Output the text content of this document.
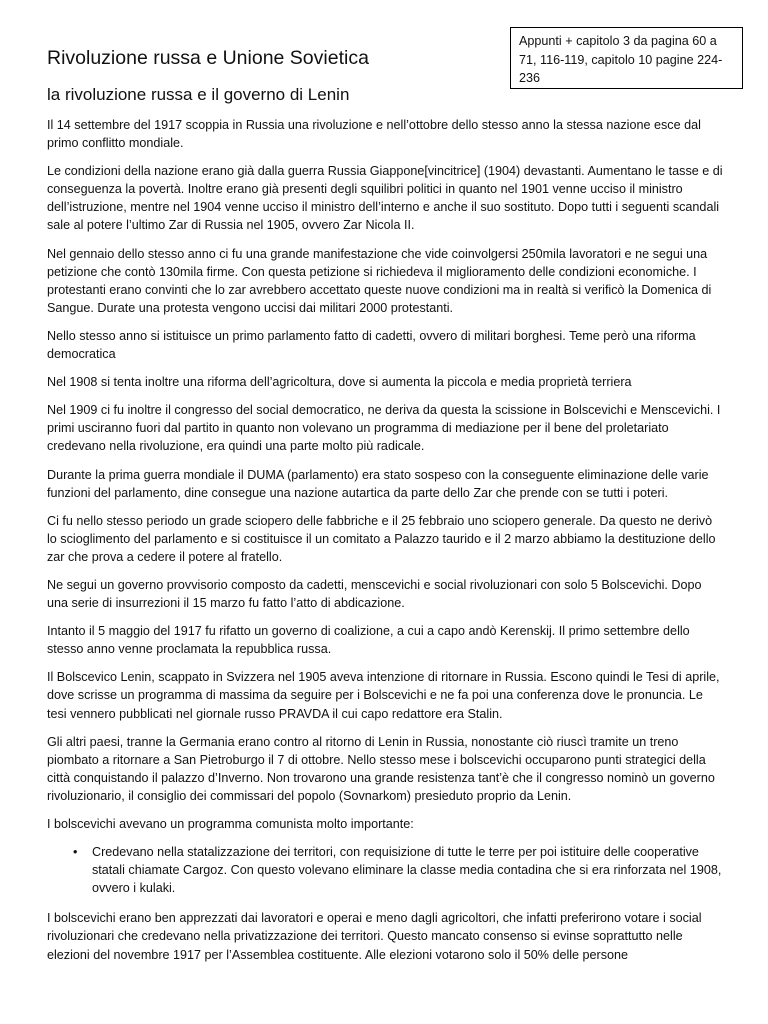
Appunti + capitolo 3 da pagina 60 a 71, 116-119, capitolo 10 pagine 224-236
Rivoluzione russa e Unione Sovietica
la rivoluzione russa e il governo di Lenin

Il 14 settembre del 1917 scoppia in Russia una rivoluzione e nell’ottobre dello stesso anno la stessa nazione esce dal primo conflitto mondiale.

Le condizioni della nazione erano già dalla guerra Russia Giappone[vincitrice] (1904) devastanti. Aumentano le tasse e di conseguenza la povertà. Inoltre erano già presenti degli squilibri politici in quanto nel 1901 venne ucciso il ministro dell’istruzione, mentre nel 1904 venne ucciso il ministro dell’interno e anche il suo sostituto. Dopo tutti i seguenti scandali sale al potere l’ultimo Zar di Russia nel 1905, ovvero Zar Nicola II.

Nel gennaio dello stesso anno ci fu una grande manifestazione che vide coinvolgersi 250mila lavoratori e ne segui una petizione che contò 130mila firme. Con questa petizione si richiedeva il miglioramento delle condizioni economiche. I protestanti erano convinti che lo zar avrebbero accettato queste nuove condizioni ma in realtà si verificò la Domenica di Sangue. Durate una protesta vengono uccisi dai militari 2000 protestanti.

Nello stesso anno si istituisce un primo parlamento fatto di cadetti, ovvero di militari borghesi. Teme però una riforma democratica

Nel 1908 si tenta inoltre una riforma dell’agricoltura, dove si aumenta la piccola e media proprietà terriera

Nel 1909 ci fu inoltre il congresso del social democratico, ne deriva da questa la scissione in Bolscevichi e Menscevichi. I primi usciranno fuori dal partito in quanto non volevano un programma di mediazione per il bene del proletariato credevano nella rivoluzione, era quindi una parte molto più radicale.

Durante la prima guerra mondiale il DUMA (parlamento) era stato sospeso con la conseguente eliminazione delle varie funzioni del parlamento, dine consegue una nazione autartica da parte dello Zar che prende con se tutti i poteri.

Ci fu nello stesso periodo un grade sciopero delle fabbriche e il 25 febbraio uno sciopero generale. Da questo ne derivò lo scioglimento del parlamento e si costituisce il un comitato a Palazzo taurido e il 2 marzo abbiamo la destituzione dello zar che prova a cedere il potere al fratello.

Ne segui un governo provvisorio composto da cadetti, menscevichi e social rivoluzionari con solo 5 Bolscevichi. Dopo una serie di insurrezioni il 15 marzo fu fatto l’atto di abdicazione.

Intanto il 5 maggio del 1917 fu rifatto un governo di coalizione, a cui a capo andò Kerenskij. Il primo settembre dello stesso anno venne proclamata la repubblica russa.

Il Bolscevico Lenin, scappato in Svizzera nel 1905 aveva intenzione di ritornare in Russia. Escono quindi le Tesi di aprile, dove scrisse un programma di massima da seguire per i Bolscevichi e ne fa poi una conferenza dove le pronuncia. Le tesi vennero pubblicati nel giornale russo PRAVDA il cui capo redattore era Stalin.

Gli altri paesi, tranne la Germania erano contro al ritorno di Lenin in Russia, nonostante ciò riuscì tramite un treno piombato a ritornare a San Pietroburgo il 7 di ottobre. Nello stesso mese i bolscevichi occuparono punti strategici della città conquistando il palazzo d’Inverno. Non trovarono una grande resistenza tant’è che il congresso nominò un governo rivoluzionario, il consiglio dei commissari del popolo (Sovnarkom) presieduto proprio da Lenin.

I bolscevichi avevano un programma comunista molto importante:

• Credevano nella statalizzazione dei territori, con requisizione di tutte le terre per poi istituire delle cooperative statali chiamate Cargoz. Con questo volevano eliminare la classe media contadina che si era rinforzata nel 1908, ovvero i kulaki.

I bolscevichi erano ben apprezzati dai lavoratori e operai e meno dagli agricoltori, che infatti preferirono votare i social rivoluzionari che credevano nella privatizzazione dei territori. Questo mancato consenso si evinse soprattutto nelle elezioni del novembre 1917 per l’Assemblea costituente. Alle elezioni votarono solo il 50% delle persone
